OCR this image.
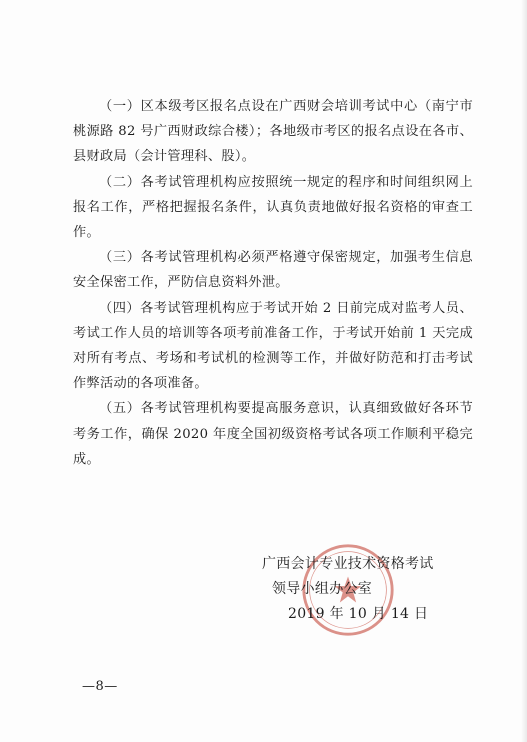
（一）区本级考区报名点设在广西财会培训考试中心（南宁市桃源路 82 号广西财政综合楼）；各地级市考区的报名点设在各市、县财政局（会计管理科、股）。

（二）各考试管理机构应按照统一规定的程序和时间组织网上报名工作，严格把握报名条件，认真负责地做好报名资格的审查工作。

（三）各考试管理机构必须严格遵守保密规定，加强考生信息安全保密工作，严防信息资料外泄。

（四）各考试管理机构应于考试开始 2 日前完成对监考人员、考试工作人员的培训等各项考前准备工作，于考试开始前 1 天完成对所有考点、考场和考试机的检测等工作，并做好防范和打击考试作弊活动的各项准备。

（五）各考试管理机构要提高服务意识，认真细致做好各环节考务工作，确保 2020 年度全国初级资格考试各项工作顺利平稳完成。

广西会计专业技术资格考试
领导小组办公室
2019 年 10 月 14 日
—8—
